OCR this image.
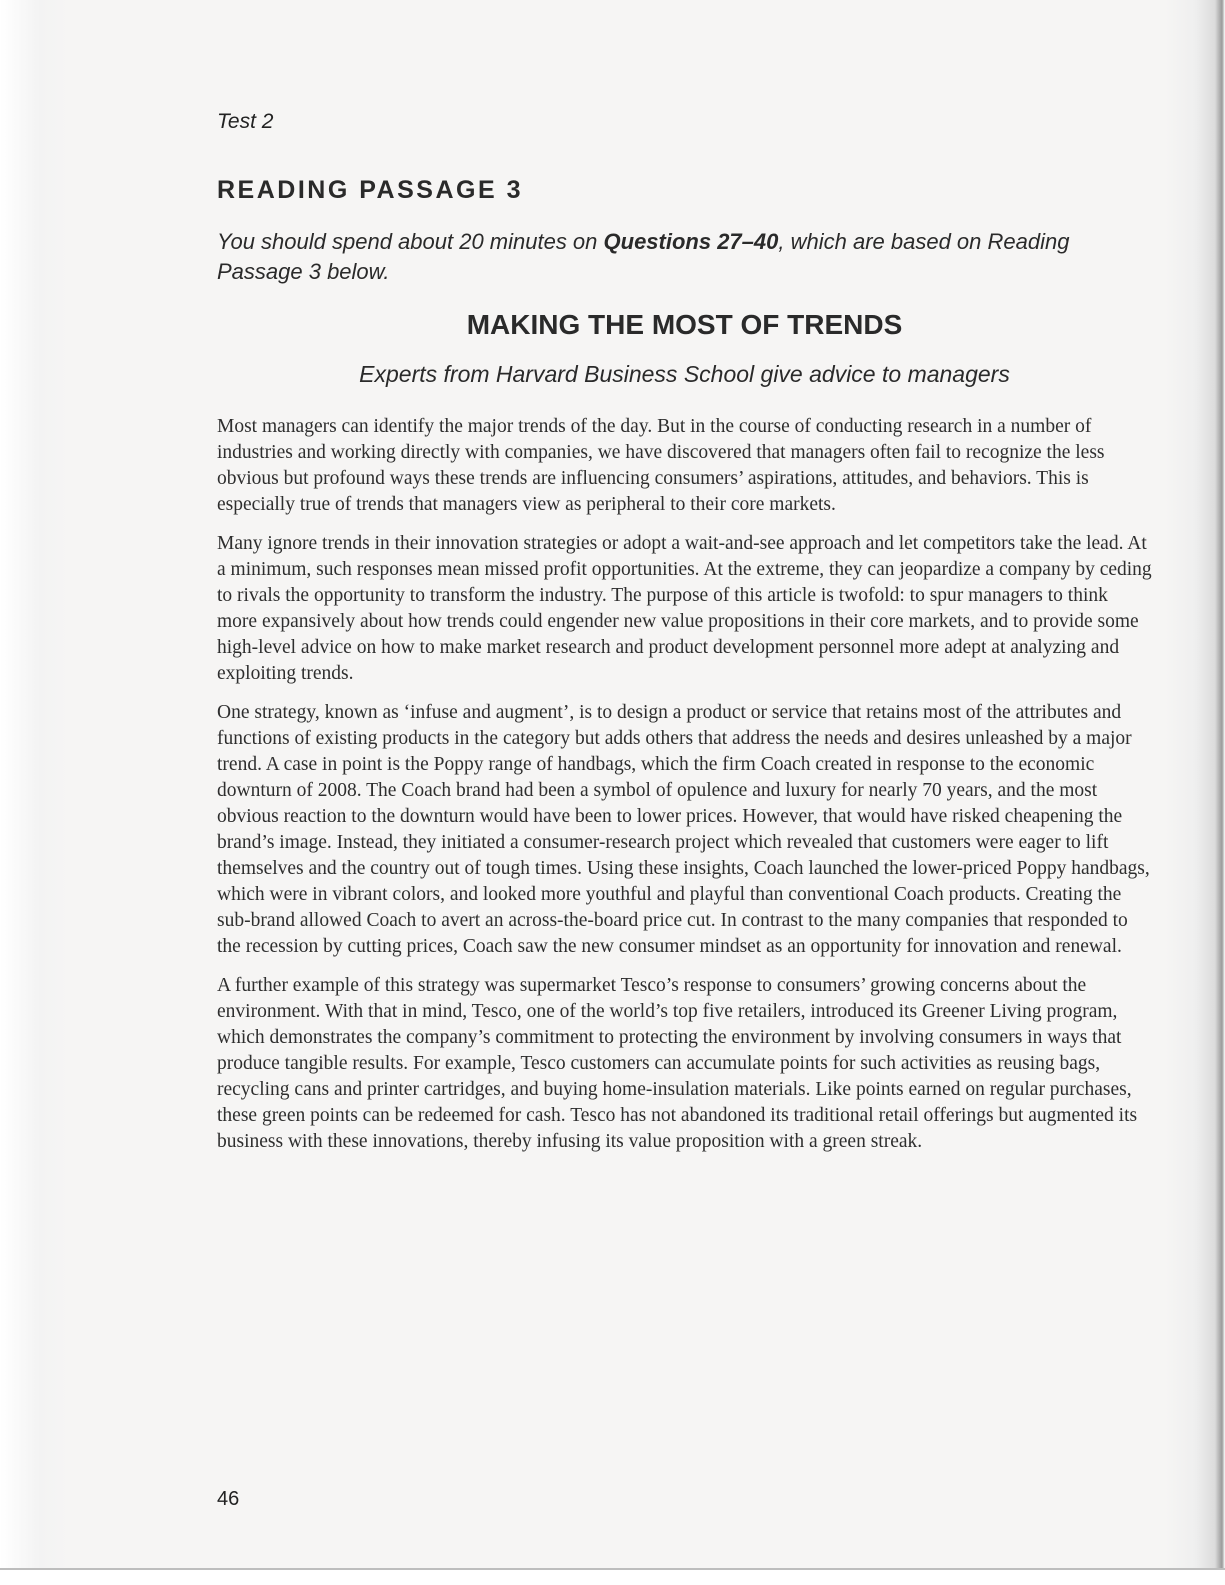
Test 2
READING PASSAGE 3
You should spend about 20 minutes on Questions 27–40, which are based on Reading Passage 3 below.
MAKING THE MOST OF TRENDS
Experts from Harvard Business School give advice to managers

Most managers can identify the major trends of the day. But in the course of conducting research in a number of industries and working directly with companies, we have discovered that managers often fail to recognize the less obvious but profound ways these trends are influencing consumers’ aspirations, attitudes, and behaviors. This is especially true of trends that managers view as peripheral to their core markets.

Many ignore trends in their innovation strategies or adopt a wait-and-see approach and let competitors take the lead. At a minimum, such responses mean missed profit opportunities. At the extreme, they can jeopardize a company by ceding to rivals the opportunity to transform the industry. The purpose of this article is twofold: to spur managers to think more expansively about how trends could engender new value propositions in their core markets, and to provide some high-level advice on how to make market research and product development personnel more adept at analyzing and exploiting trends.

One strategy, known as ‘infuse and augment’, is to design a product or service that retains most of the attributes and functions of existing products in the category but adds others that address the needs and desires unleashed by a major trend. A case in point is the Poppy range of handbags, which the firm Coach created in response to the economic downturn of 2008. The Coach brand had been a symbol of opulence and luxury for nearly 70 years, and the most obvious reaction to the downturn would have been to lower prices. However, that would have risked cheapening the brand’s image. Instead, they initiated a consumer-research project which revealed that customers were eager to lift themselves and the country out of tough times. Using these insights, Coach launched the lower-priced Poppy handbags, which were in vibrant colors, and looked more youthful and playful than conventional Coach products. Creating the sub-brand allowed Coach to avert an across-the-board price cut. In contrast to the many companies that responded to the recession by cutting prices, Coach saw the new consumer mindset as an opportunity for innovation and renewal.

A further example of this strategy was supermarket Tesco’s response to consumers’ growing concerns about the environment. With that in mind, Tesco, one of the world’s top five retailers, introduced its Greener Living program, which demonstrates the company’s commitment to protecting the environment by involving consumers in ways that produce tangible results. For example, Tesco customers can accumulate points for such activities as reusing bags, recycling cans and printer cartridges, and buying home-insulation materials. Like points earned on regular purchases, these green points can be redeemed for cash. Tesco has not abandoned its traditional retail offerings but augmented its business with these innovations, thereby infusing its value proposition with a green streak.

46
